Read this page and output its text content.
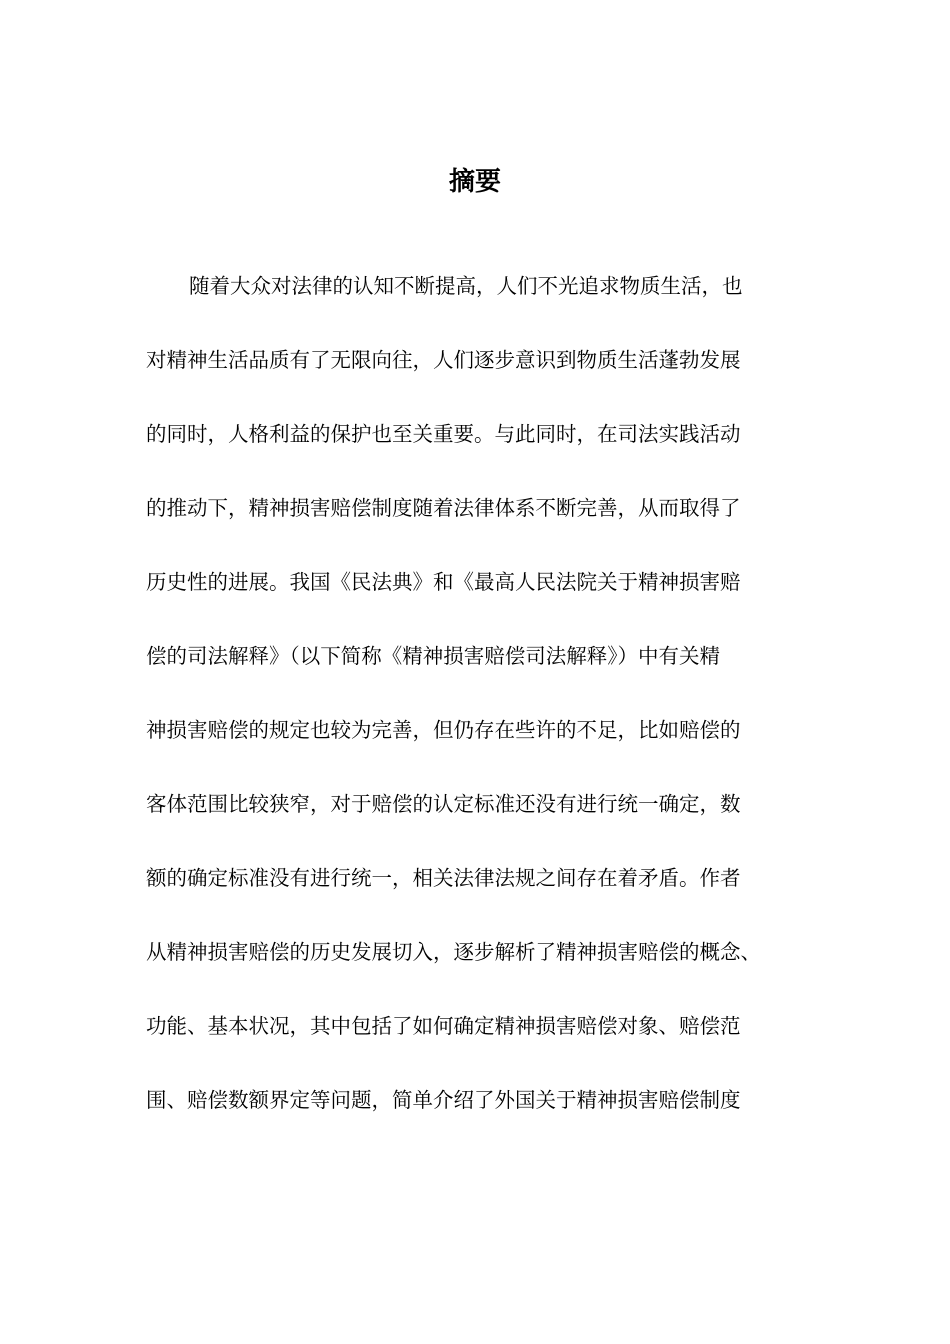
摘要
随着大众对法律的认知不断提高，人们不光追求物质生活，也
对精神生活品质有了无限向往，人们逐步意识到物质生活蓬勃发展
的同时，人格利益的保护也至关重要。与此同时，在司法实践活动
的推动下，精神损害赔偿制度随着法律体系不断完善，从而取得了
历史性的进展。我国《民法典》和《最高人民法院关于精神损害赔
偿的司法解释》（以下简称《精神损害赔偿司法解释》）中有关精
神损害赔偿的规定也较为完善，但仍存在些许的不足，比如赔偿的
客体范围比较狭窄，对于赔偿的认定标准还没有进行统一确定，数
额的确定标准没有进行统一，相关法律法规之间存在着矛盾。作者
从精神损害赔偿的历史发展切入，逐步解析了精神损害赔偿的概念、
功能、基本状况，其中包括了如何确定精神损害赔偿对象、赔偿范
围、赔偿数额界定等问题，简单介绍了外国关于精神损害赔偿制度
